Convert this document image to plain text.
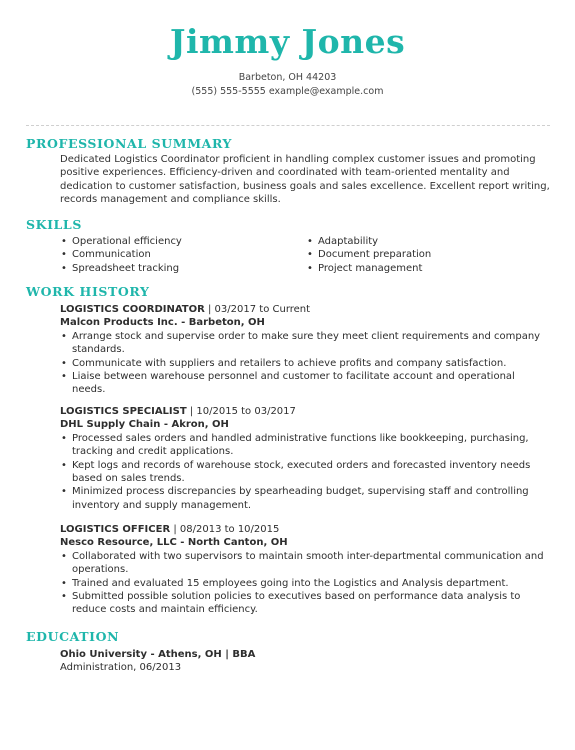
Jimmy Jones
Barbeton, OH 44203
(555) 555-5555 example@example.com
PROFESSIONAL SUMMARY
Dedicated Logistics Coordinator proficient in handling complex customer issues and promoting positive experiences. Efficiency-driven and coordinated with team-oriented mentality and dedication to customer satisfaction, business goals and sales excellence. Excellent report writing, records management and compliance skills.
SKILLS
• Operational efficiency
• Communication
• Spreadsheet tracking
• Adaptability
• Document preparation
• Project management
WORK HISTORY
LOGISTICS COORDINATOR | 03/2017 to Current
Malcon Products Inc. - Barbeton, OH
• Arrange stock and supervise order to make sure they meet client requirements and company standards.
• Communicate with suppliers and retailers to achieve profits and company satisfaction.
• Liaise between warehouse personnel and customer to facilitate account and operational needs.
LOGISTICS SPECIALIST | 10/2015 to 03/2017
DHL Supply Chain - Akron, OH
• Processed sales orders and handled administrative functions like bookkeeping, purchasing, tracking and credit applications.
• Kept logs and records of warehouse stock, executed orders and forecasted inventory needs based on sales trends.
• Minimized process discrepancies by spearheading budget, supervising staff and controlling inventory and supply management.
LOGISTICS OFFICER | 08/2013 to 10/2015
Nesco Resource, LLC - North Canton, OH
• Collaborated with two supervisors to maintain smooth inter-departmental communication and operations.
• Trained and evaluated 15 employees going into the Logistics and Analysis department.
• Submitted possible solution policies to executives based on performance data analysis to reduce costs and maintain efficiency.
EDUCATION
Ohio University - Athens, OH | BBA
Administration, 06/2013
